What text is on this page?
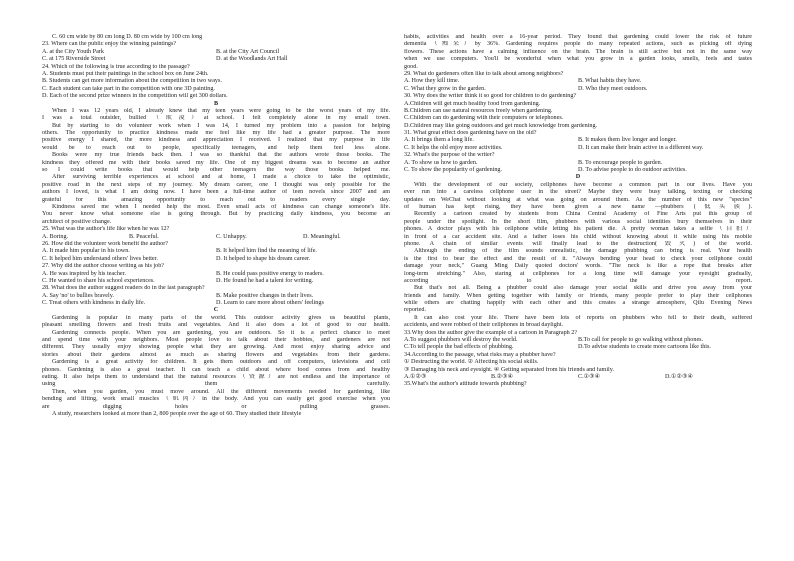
C. 60 cm wide by 80 cm long D. 80 cm wide by 100 cm long
23. Where can the public enjoy the winning paintings?
A. at the City Youth Park	B. at the City Art Council
C. at 175 Riverside Street	D. at the Woodlands Art Hall
24. Which of the following is true according to the passage?
A. Students must put their paintings in the school box on June 24th.
B. Students can get more information about the competition in two ways.
C. Each student can take part in the competition with one 3D painting.
D. Each of the second prize winners in the competition will get 300 dollars.
B
When I was 12 years old, I already knew that my teen years were going to be the worst years of my life.
I was a total outsider, bullied（欺凌）at school. I felt completely alone in my small town.
But by starting to do volunteer work when I was 14, I turned my problem into a passion for helping
others. The opportunity to practice kindness made me feel like my life had a greater purpose. The more
positive energy I shared, the more kindness and appreciation I received. I realized that my purpose in life
would be to reach out to people, specifically teenagers, and help them feel less alone.
Books were my true friends back then. I was so thankful that the authors wrote those books. The
kindness they offered me with their books saved my life. One of my biggest dreams was to become an author
so I could write books that would help other teenagers the way those books helped me.
After surviving terrible experiences at school and at home, I made a choice to take the optimistic,
positive road in the next steps of my journey. My dream career, one I thought was only possible for the
authors I loved, is what I am doing now. I have been a full-time author of teen novels since 2007 and am
grateful for this amazing opportunity to reach out to readers every single day.
Kindness saved me when I needed help the most. Even small acts of kindness can change someone's life.
You never know what someone else is going through. But by practicing daily kindness, you become an
architect of positive change.
25. What was the author's life like when he was 12?
A. Boring.	B. Peaceful.	C. Unhappy.	D. Meaningful.
26. How did the volunteer work benefit the author?
A. It made him popular in his town.	B. It helped him find the meaning of life.
C. It helped him understand others' lives better.	D. It helped to shape his dream career.
27. Why did the author choose writing as his job?
A. He was inspired by his teacher.	B. He could pass positive energy to readers.
C. He wanted to share his school experiences.	D. He found he had a talent for writing.
28. What does the author suggest readers do in the last paragraph?
A. Say 'no' to bullies bravely.	B. Make positive changes in their lives.
C. Treat others with kindness in daily life.	D. Learn to care more about others' feelings
C
Gardening is popular in many parts of the world. This outdoor activity gives us beautiful plants,
pleasant smelling flowers and fresh fruits and vegetables. And it also does a lot of good to our health.
Gardening connects people. When you are gardening, you are outdoors. So it is a perfect chance to meet
and spend time with your neighbors. Most people love to talk about their hobbies, and gardeners are not
different. They usually enjoy showing people what they are growing. And most enjoy sharing advice and
stories about their gardens almost as much as sharing flowers and vegetables from their gardens.
Gardening is a great activity for children. It gets them outdoors and off computers, televisions and cell
phones. Gardening is also a great teacher. It can teach a child about where food comes from and healthy
eating. It also helps them to understand that the natural resources（资源）are not endless and the importance of
using them carefully.
Then, when you garden, you must move around. All the different movements needed for gardening, like
bending and lifting, work small muscles（肌肉）in the body. And you can easily get good exercise when you
are digging holes or pulling grasses.
A study, researchers looked at more than 2, 800 people over the age of 60. They studied their lifestyle
habits, activities and health over a 16-year period. They found that gardening could lower the risk of future
dementia（痴呆）by 36%. Gardening requires people do many repeated actions, such as picking off dying
flowers. These actions have a calming influence on the brain. The brain is still active but not in the same way
when we use computers. You'll be wonderful when what you grow in a garden looks, smells, feels and tastes
good.
29. What do gardeners often like to talk about among neighbors?
A. How they kill time.	B. What habits they have.
C. What they grow in the garden.	D. Who they meet outdoors.
30. Why does the writer think it so good for children to do gardening?
A.Children will get much healthy food from gardening.
B.Children can use natural resources freely when gardening.
C.Children can do gardening with their computers or telephones.
D.Children may like going outdoors and get much knowledge from gardening.
31. What great effect does gardening have on the old?
A. It brings them a long life.	B. It makes them live longer and longer.
C. It helps the old enjoy more activities.	D. It can make their brain active in a different way.
32. What's the purpose of the writer?
A. To show us how to garden.	B. To encourage people to garden.
C. To show the popularity of gardening.	D. To advise people to do outdoor activities.
D
With the development of our society, cellphones have become a common part in our lives. Have you
ever run into a careless cellphone user in the street? Maybe they were busy talking, texting or checking
updates on WeChat without looking at what was going on around them. As the number of this new "species"
of human has kept rising, they have been given a new name —phubbers (低头族).
Recently a cartoon created by students from China Central Academy of Fine Arts put this group of
people under the spotlight. In the short film, phubbers with various social identities bury themselves in their
phones. A doctor plays with his cellphone while letting his patient die. A pretty woman takes a selfie（自拍）
in front of a car accident site. And a father loses his child without knowing about it while using his mobile
phone. A chain of similar events will finally lead to the destruction(毁灭) of the world.
Although the ending of the film sounds unrealistic, the damage phubbing can bring is real. Your health
is the first to bear the effect and the result of it. "Always bending your head to check your cellphone could
damage your neck," Guang Ming Daily quoted doctors' words. "The neck is like a rope that breaks after
long-term stretching." Also, staring at cellphones for a long time will damage your eyesight gradually,
according to the report.
But that's not all. Being a phubber could also damage your social skills and drive you away from your
friends and family. When getting together with family or friends, many people prefer to play their cellphones
while others are chatting happily with each other and this creates a strange atmosphere, Qilu Evening News
reported.
It can also cost your life. There have been lots of reports on phubbers who fell to their death, suffered
accidents, and were robbed of their cellphones in broad daylight.
33.Why does the author give the example of a cartoon in Paragraph 2?
A.To suggest phubbers will destroy the world.	B.To call for people to go walking without phones.
C.To tell people the bad effects of phubbing.	D.To advise students to create more cartoons like this.
34.According to the passage, what risks may a phubber have?
① Destructing the world. ② Affecting his social skills.
③ Damaging his neck and eyesight. ④ Getting separated from his friends and family.
A.①②③	B.②③④	C.①③④	D.①②③④
35.What's the author's attitude towards phubbing?
